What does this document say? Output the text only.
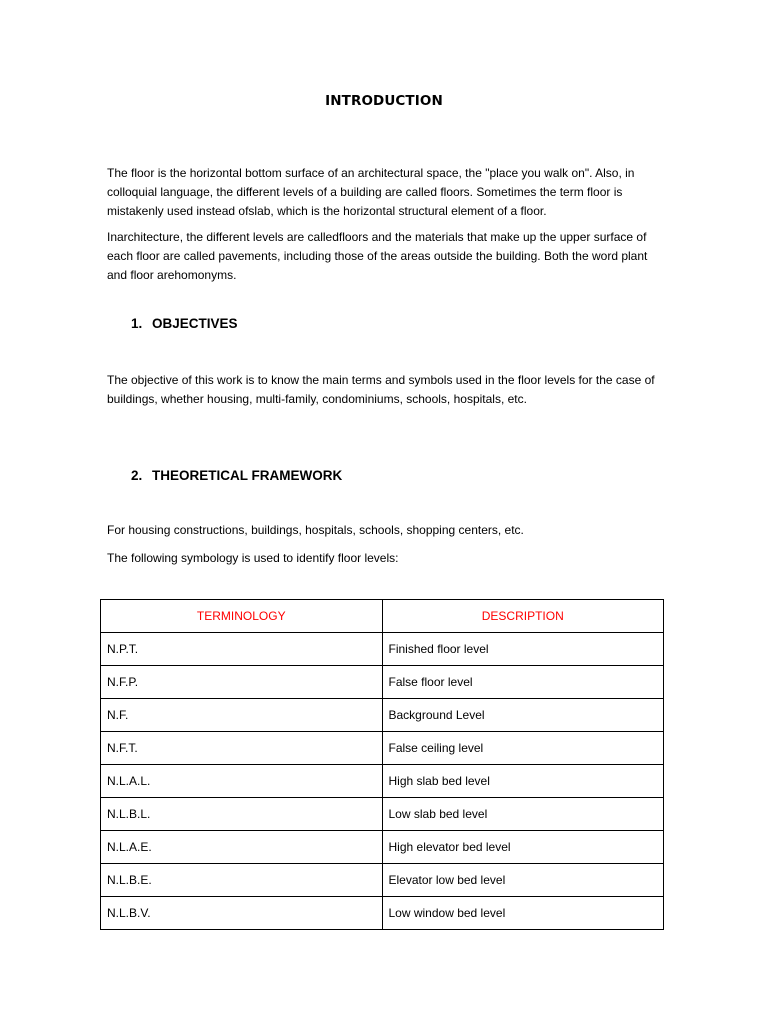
INTRODUCTION

The floor is the horizontal bottom surface of an architectural space, the "place you walk on". Also, in colloquial language, the different levels of a building are called floors. Sometimes the term floor is mistakenly used instead ofslab, which is the horizontal structural element of a floor.

Inarchitecture, the different levels are calledfloors and the materials that make up the upper surface of each floor are called pavements, including those of the areas outside the building. Both the word plant and floor arehomonyms.

1. OBJECTIVES

The objective of this work is to know the main terms and symbols used in the floor levels for the case of buildings, whether housing, multi-family, condominiums, schools, hospitals, etc.

2. THEORETICAL FRAMEWORK

For housing constructions, buildings, hospitals, schools, shopping centers, etc.

The following symbology is used to identify floor levels:

TERMINOLOGY	DESCRIPTION
N.P.T.	Finished floor level
N.F.P.	False floor level
N.F.	Background Level
N.F.T.	False ceiling level
N.L.A.L.	High slab bed level
N.L.B.L.	Low slab bed level
N.L.A.E.	High elevator bed level
N.L.B.E.	Elevator low bed level
N.L.B.V.	Low window bed level
